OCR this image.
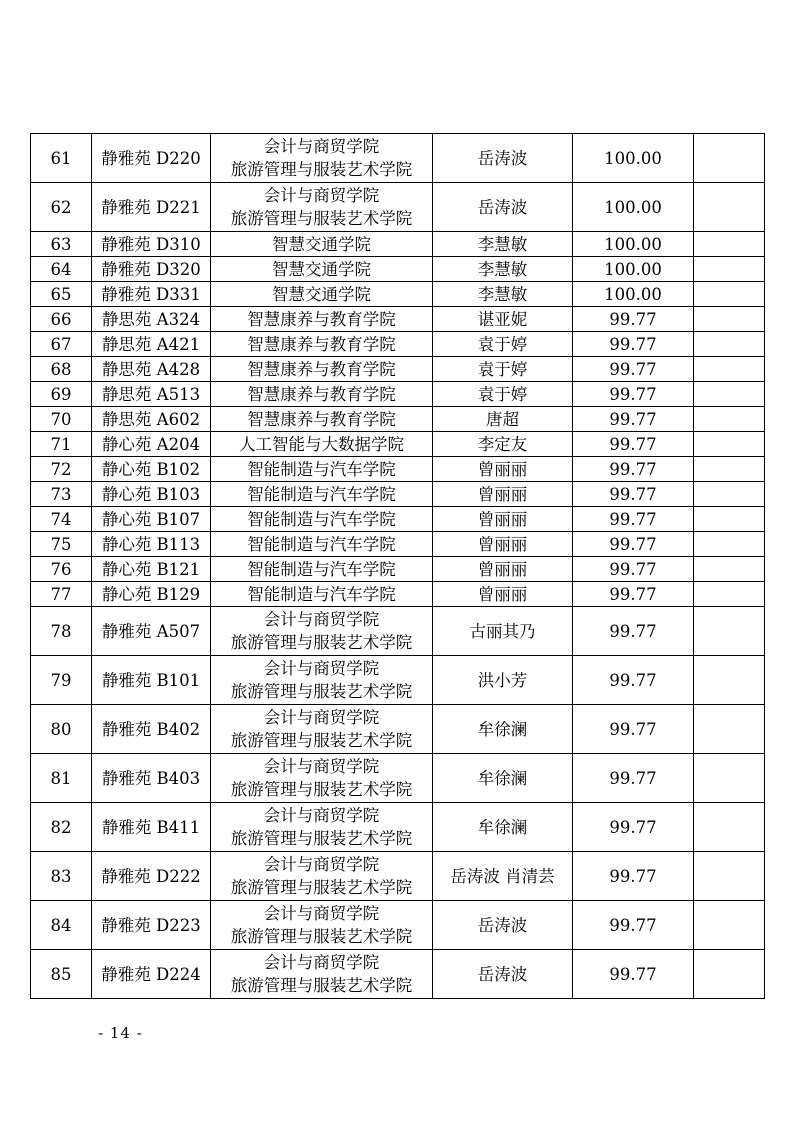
61	静雅苑 D220	会计与商贸学院
旅游管理与服装艺术学院	岳涛波	100.00	
62	静雅苑 D221	会计与商贸学院
旅游管理与服装艺术学院	岳涛波	100.00	
63	静雅苑 D310	智慧交通学院	李慧敏	100.00	
64	静雅苑 D320	智慧交通学院	李慧敏	100.00	
65	静雅苑 D331	智慧交通学院	李慧敏	100.00	
66	静思苑 A324	智慧康养与教育学院	谌亚妮	99.77	
67	静思苑 A421	智慧康养与教育学院	袁于婷	99.77	
68	静思苑 A428	智慧康养与教育学院	袁于婷	99.77	
69	静思苑 A513	智慧康养与教育学院	袁于婷	99.77	
70	静思苑 A602	智慧康养与教育学院	唐超	99.77	
71	静心苑 A204	人工智能与大数据学院	李定友	99.77	
72	静心苑 B102	智能制造与汽车学院	曾丽丽	99.77	
73	静心苑 B103	智能制造与汽车学院	曾丽丽	99.77	
74	静心苑 B107	智能制造与汽车学院	曾丽丽	99.77	
75	静心苑 B113	智能制造与汽车学院	曾丽丽	99.77	
76	静心苑 B121	智能制造与汽车学院	曾丽丽	99.77	
77	静心苑 B129	智能制造与汽车学院	曾丽丽	99.77	
78	静雅苑 A507	会计与商贸学院
旅游管理与服装艺术学院	古丽其乃	99.77	
79	静雅苑 B101	会计与商贸学院
旅游管理与服装艺术学院	洪小芳	99.77	
80	静雅苑 B402	会计与商贸学院
旅游管理与服装艺术学院	牟徐澜	99.77	
81	静雅苑 B403	会计与商贸学院
旅游管理与服装艺术学院	牟徐澜	99.77	
82	静雅苑 B411	会计与商贸学院
旅游管理与服装艺术学院	牟徐澜	99.77	
83	静雅苑 D222	会计与商贸学院
旅游管理与服装艺术学院	岳涛波 肖清芸	99.77	
84	静雅苑 D223	会计与商贸学院
旅游管理与服装艺术学院	岳涛波	99.77	
85	静雅苑 D224	会计与商贸学院
旅游管理与服装艺术学院	岳涛波	99.77	
- 14 -
